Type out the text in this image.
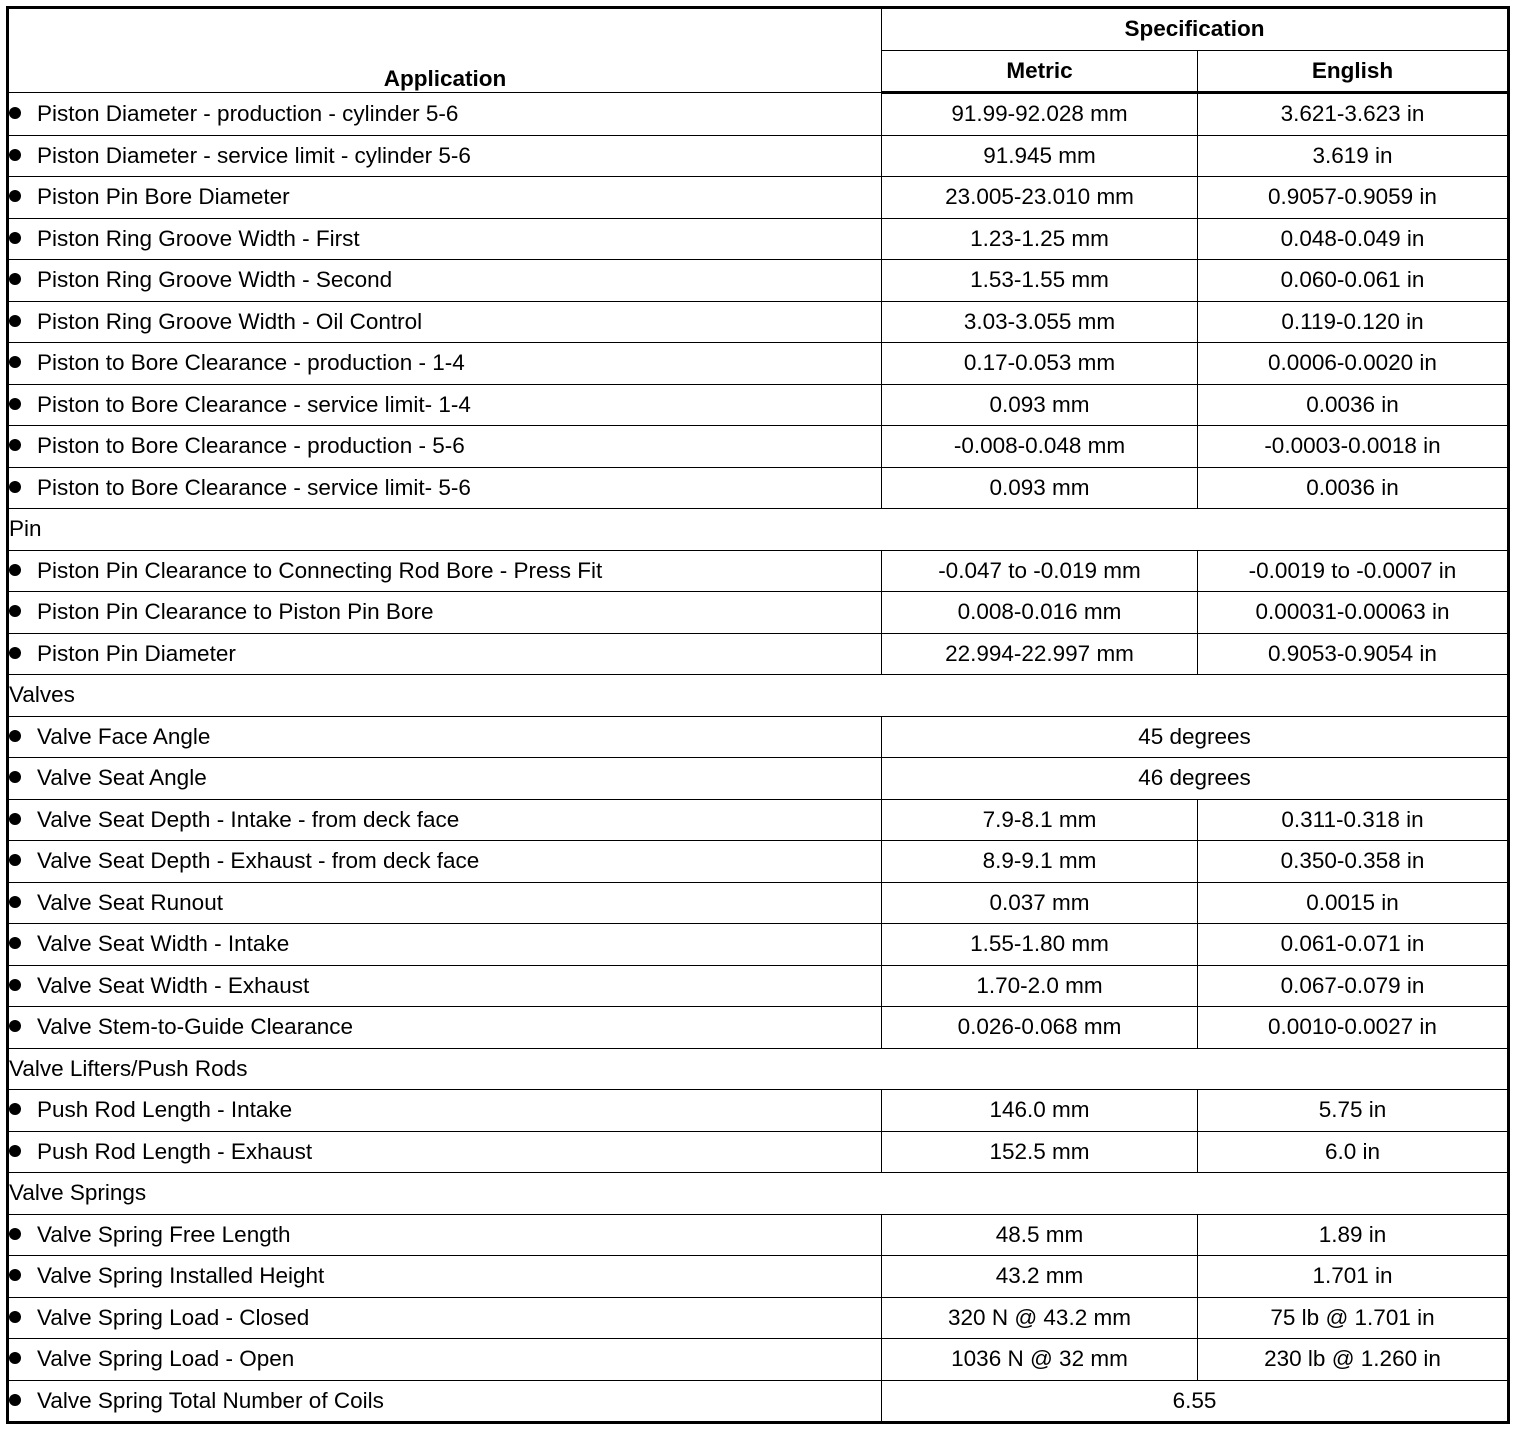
Application	Specification	
	Metric	English
Piston Diameter - production - cylinder 5-6	91.99-92.028 mm	3.621-3.623 in
Piston Diameter - service limit - cylinder 5-6	91.945 mm	3.619 in
Piston Pin Bore Diameter	23.005-23.010 mm	0.9057-0.9059 in
Piston Ring Groove Width - First	1.23-1.25 mm	0.048-0.049 in
Piston Ring Groove Width - Second	1.53-1.55 mm	0.060-0.061 in
Piston Ring Groove Width - Oil Control	3.03-3.055 mm	0.119-0.120 in
Piston to Bore Clearance - production - 1-4	0.17-0.053 mm	0.0006-0.0020 in
Piston to Bore Clearance - service limit- 1-4	0.093 mm	0.0036 in
Piston to Bore Clearance - production - 5-6	-0.008-0.048 mm	-0.0003-0.0018 in
Piston to Bore Clearance - service limit- 5-6	0.093 mm	0.0036 in
Pin		
Piston Pin Clearance to Connecting Rod Bore - Press Fit	-0.047 to -0.019 mm	-0.0019 to -0.0007 in
Piston Pin Clearance to Piston Pin Bore	0.008-0.016 mm	0.00031-0.00063 in
Piston Pin Diameter	22.994-22.997 mm	0.9053-0.9054 in
Valves		
Valve Face Angle	45 degrees	
Valve Seat Angle	46 degrees	
Valve Seat Depth - Intake - from deck face	7.9-8.1 mm	0.311-0.318 in
Valve Seat Depth - Exhaust - from deck face	8.9-9.1 mm	0.350-0.358 in
Valve Seat Runout	0.037 mm	0.0015 in
Valve Seat Width - Intake	1.55-1.80 mm	0.061-0.071 in
Valve Seat Width - Exhaust	1.70-2.0 mm	0.067-0.079 in
Valve Stem-to-Guide Clearance	0.026-0.068 mm	0.0010-0.0027 in
Valve Lifters/Push Rods		
Push Rod Length - Intake	146.0 mm	5.75 in
Push Rod Length - Exhaust	152.5 mm	6.0 in
Valve Springs		
Valve Spring Free Length	48.5 mm	1.89 in
Valve Spring Installed Height	43.2 mm	1.701 in
Valve Spring Load - Closed	320 N @ 43.2 mm	75 lb @ 1.701 in
Valve Spring Load - Open	1036 N @ 32 mm	230 lb @ 1.260 in
Valve Spring Total Number of Coils	6.55	
